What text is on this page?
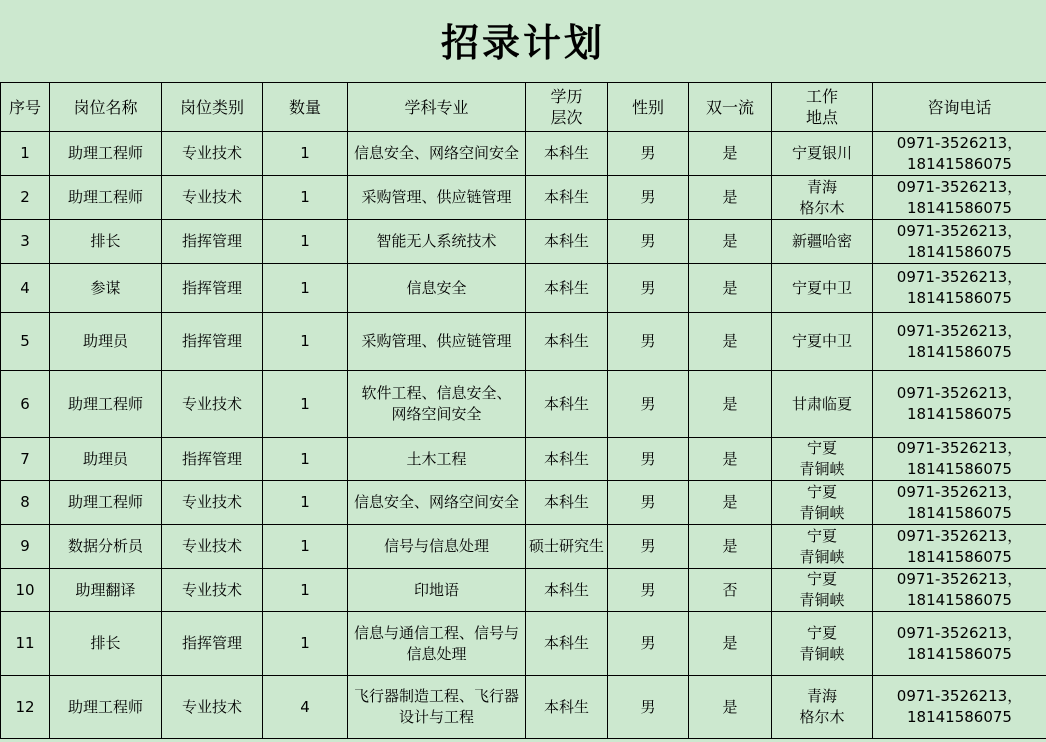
招录计划
序号	岗位名称	岗位类别	数量	学科专业	学历
层次	性别	双一流	工作
地点	咨询电话
1	助理工程师	专业技术	1	信息安全、网络空间安全	本科生	男	是	宁夏银川	0971-3526213，
18141586075
2	助理工程师	专业技术	1	采购管理、供应链管理	本科生	男	是	青海
格尔木	0971-3526213，
18141586075
3	排长	指挥管理	1	智能无人系统技术	本科生	男	是	新疆哈密	0971-3526213，
18141586075
4	参谋	指挥管理	1	信息安全	本科生	男	是	宁夏中卫	0971-3526213，
18141586075
5	助理员	指挥管理	1	采购管理、供应链管理	本科生	男	是	宁夏中卫	0971-3526213，
18141586075
6	助理工程师	专业技术	1	软件工程、信息安全、
网络空间安全	本科生	男	是	甘肃临夏	0971-3526213，
18141586075
7	助理员	指挥管理	1	土木工程	本科生	男	是	宁夏
青铜峡	0971-3526213，
18141586075
8	助理工程师	专业技术	1	信息安全、网络空间安全	本科生	男	是	宁夏
青铜峡	0971-3526213，
18141586075
9	数据分析员	专业技术	1	信号与信息处理	硕士研究生	男	是	宁夏
青铜峡	0971-3526213，
18141586075
10	助理翻译	专业技术	1	印地语	本科生	男	否	宁夏
青铜峡	0971-3526213，
18141586075
11	排长	指挥管理	1	信息与通信工程、信号与信息处理	本科生	男	是	宁夏
青铜峡	0971-3526213，
18141586075
12	助理工程师	专业技术	4	飞行器制造工程、飞行器设计与工程	本科生	男	是	青海
格尔木	0971-3526213，
18141586075
